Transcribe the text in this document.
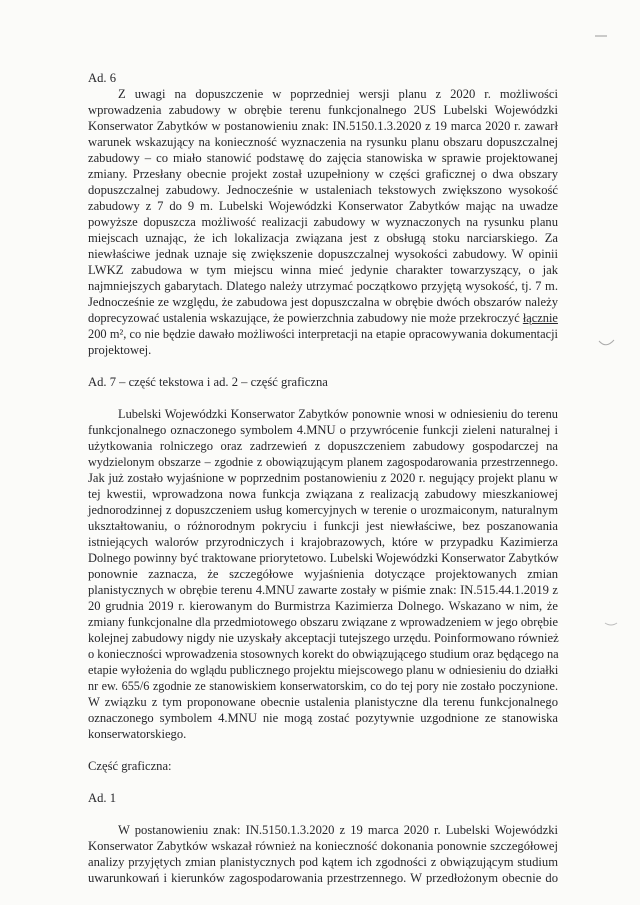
Ad. 6

Z uwagi na dopuszczenie w poprzedniej wersji planu z 2020 r. możliwości

wprowadzenia zabudowy w obrębie terenu funkcjonalnego 2US Lubelski Wojewódzki

Konserwator Zabytków w postanowieniu znak: IN.5150.1.3.2020 z 19 marca 2020 r. zawarł

warunek wskazujący na konieczność wyznaczenia na rysunku planu obszaru dopuszczalnej

zabudowy – co miało stanowić podstawę do zajęcia stanowiska w sprawie projektowanej

zmiany. Przesłany obecnie projekt został uzupełniony w części graficznej o dwa obszary

dopuszczalnej zabudowy. Jednocześnie w ustaleniach tekstowych zwiększono wysokość

zabudowy z 7 do 9 m. Lubelski Wojewódzki Konserwator Zabytków mając na uwadze

powyższe dopuszcza możliwość realizacji zabudowy w wyznaczonych na rysunku planu

miejscach uznając, że ich lokalizacja związana jest z obsługą stoku narciarskiego. Za

niewłaściwe jednak uznaje się zwiększenie dopuszczalnej wysokości zabudowy. W opinii

LWKZ zabudowa w tym miejscu winna mieć jedynie charakter towarzyszący, o jak

najmniejszych gabarytach. Dlatego należy utrzymać początkowo przyjętą wysokość, tj. 7 m.

Jednocześnie ze względu, że zabudowa jest dopuszczalna w obrębie dwóch obszarów należy

doprecyzować ustalenia wskazujące, że powierzchnia zabudowy nie może przekroczyć łącznie

200 m², co nie będzie dawało możliwości interpretacji na etapie opracowywania dokumentacji

projektowej.

Ad. 7 – część tekstowa i ad. 2 – część graficzna

Lubelski Wojewódzki Konserwator Zabytków ponownie wnosi w odniesieniu do terenu

funkcjonalnego oznaczonego symbolem 4.MNU o przywrócenie funkcji zieleni naturalnej i

użytkowania rolniczego oraz zadrzewień z dopuszczeniem zabudowy gospodarczej na

wydzielonym obszarze – zgodnie z obowiązującym planem zagospodarowania przestrzennego.

Jak już zostało wyjaśnione w poprzednim postanowieniu z 2020 r. negujący projekt planu w

tej kwestii, wprowadzona nowa funkcja związana z realizacją zabudowy mieszkaniowej

jednorodzinnej z dopuszczeniem usług komercyjnych w terenie o urozmaiconym, naturalnym

ukształtowaniu, o różnorodnym pokryciu i funkcji jest niewłaściwe, bez poszanowania

istniejących walorów przyrodniczych i krajobrazowych, które w przypadku Kazimierza

Dolnego powinny być traktowane priorytetowo. Lubelski Wojewódzki Konserwator Zabytków

ponownie zaznacza, że szczegółowe wyjaśnienia dotyczące projektowanych zmian

planistycznych w obrębie terenu 4.MNU zawarte zostały w piśmie znak: IN.515.44.1.2019 z

20 grudnia 2019 r. kierowanym do Burmistrza Kazimierza Dolnego. Wskazano w nim, że

zmiany funkcjonalne dla przedmiotowego obszaru związane z wprowadzeniem w jego obrębie

kolejnej zabudowy nigdy nie uzyskały akceptacji tutejszego urzędu. Poinformowano również

o konieczności wprowadzenia stosownych korekt do obwiązującego studium oraz będącego na

etapie wyłożenia do wglądu publicznego projektu miejscowego planu w odniesieniu do działki

nr ew. 655/6 zgodnie ze stanowiskiem konserwatorskim, co do tej pory nie zostało poczynione.

W związku z tym proponowane obecnie ustalenia planistyczne dla terenu funkcjonalnego

oznaczonego symbolem 4.MNU nie mogą zostać pozytywnie uzgodnione ze stanowiska

konserwatorskiego.

Część graficzna:

Ad. 1

W postanowieniu znak: IN.5150.1.3.2020 z 19 marca 2020 r. Lubelski Wojewódzki

Konserwator Zabytków wskazał również na konieczność dokonania ponownie szczegółowej

analizy przyjętych zmian planistycznych pod kątem ich zgodności z obwiązującym studium

uwarunkowań i kierunków zagospodarowania przestrzennego. W przedłożonym obecnie do
